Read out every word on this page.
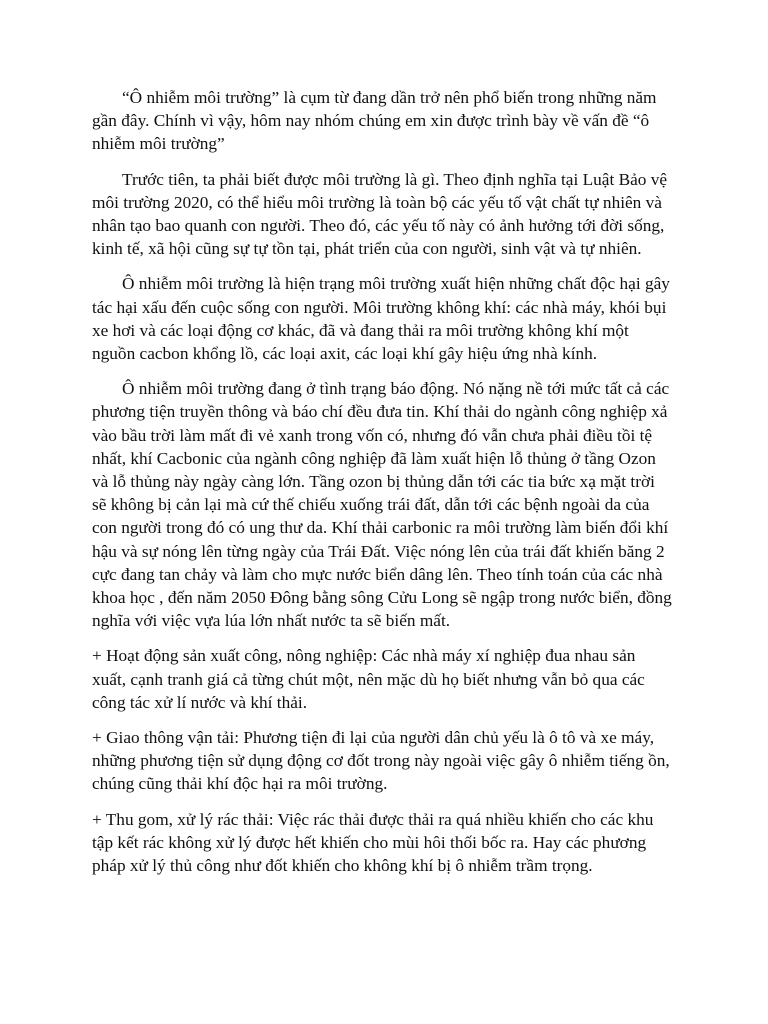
“Ô nhiễm môi trường” là cụm từ đang dần trở nên phổ biến trong những năm gần đây. Chính vì vậy, hôm nay nhóm chúng em xin được trình bày về vấn đề “ô nhiễm môi trường”

Trước tiên, ta phải biết được môi trường là gì. Theo định nghĩa tại Luật Bảo vệ môi trường 2020, có thể hiểu môi trường là toàn bộ các yếu tố vật chất tự nhiên và nhân tạo bao quanh con người. Theo đó, các yếu tố này có ảnh hưởng tới đời sống, kinh tế, xã hội cũng sự tự tồn tại, phát triển của con người, sinh vật và tự nhiên.

Ô nhiễm môi trường là hiện trạng môi trường xuất hiện những chất độc hại gây tác hại xấu đến cuộc sống con người. Môi trường không khí: các nhà máy, khói bụi xe hơi và các loại động cơ khác, đã và đang thải ra môi trường không khí một nguồn cacbon khổng lồ, các loại axit, các loại khí gây hiệu ứng nhà kính.

Ô nhiễm môi trường đang ở tình trạng báo động. Nó nặng nề tới mức tất cả các phương tiện truyền thông và báo chí đều đưa tin. Khí thải do ngành công nghiệp xả vào bầu trời làm mất đi vẻ xanh trong vốn có, nhưng đó vẫn chưa phải điều tồi tệ nhất, khí Cacbonic của ngành công nghiệp đã làm xuất hiện lỗ thủng ở tầng Ozon và lỗ thủng này ngày càng lớn. Tầng ozon bị thủng dẫn tới các tia bức xạ mặt trời sẽ không bị cản lại mà cứ thế chiếu xuống trái đất, dẫn tới các bệnh ngoài da của con người trong đó có ung thư da. Khí thải carbonic ra môi trường làm biến đổi khí hậu và sự nóng lên từng ngày của Trái Đất. Việc nóng lên của trái đất khiến băng 2 cực đang tan chảy và làm cho mực nước biển dâng lên. Theo tính toán của các nhà khoa học , đến năm 2050 Đông bằng sông Cửu Long sẽ ngập trong nước biển, đồng nghĩa với việc vựa lúa lớn nhất nước ta sẽ biến mất.

+ Hoạt động sản xuất công, nông nghiệp: Các nhà máy xí nghiệp đua nhau sản xuất, cạnh tranh giá cả từng chút một, nên mặc dù họ biết nhưng vẫn bỏ qua các công tác xử lí nước và khí thải.

+ Giao thông vận tải: Phương tiện đi lại của người dân chủ yếu là ô tô và xe máy, những phương tiện sử dụng động cơ đốt trong này ngoài việc gây ô nhiễm tiếng ồn, chúng cũng thải khí độc hại ra môi trường.

+ Thu gom, xử lý rác thải: Việc rác thải được thải ra quá nhiều khiến cho các khu tập kết rác không xử lý được hết khiến cho mùi hôi thối bốc ra. Hay các phương pháp xử lý thủ công như đốt khiến cho không khí bị ô nhiễm trầm trọng.
